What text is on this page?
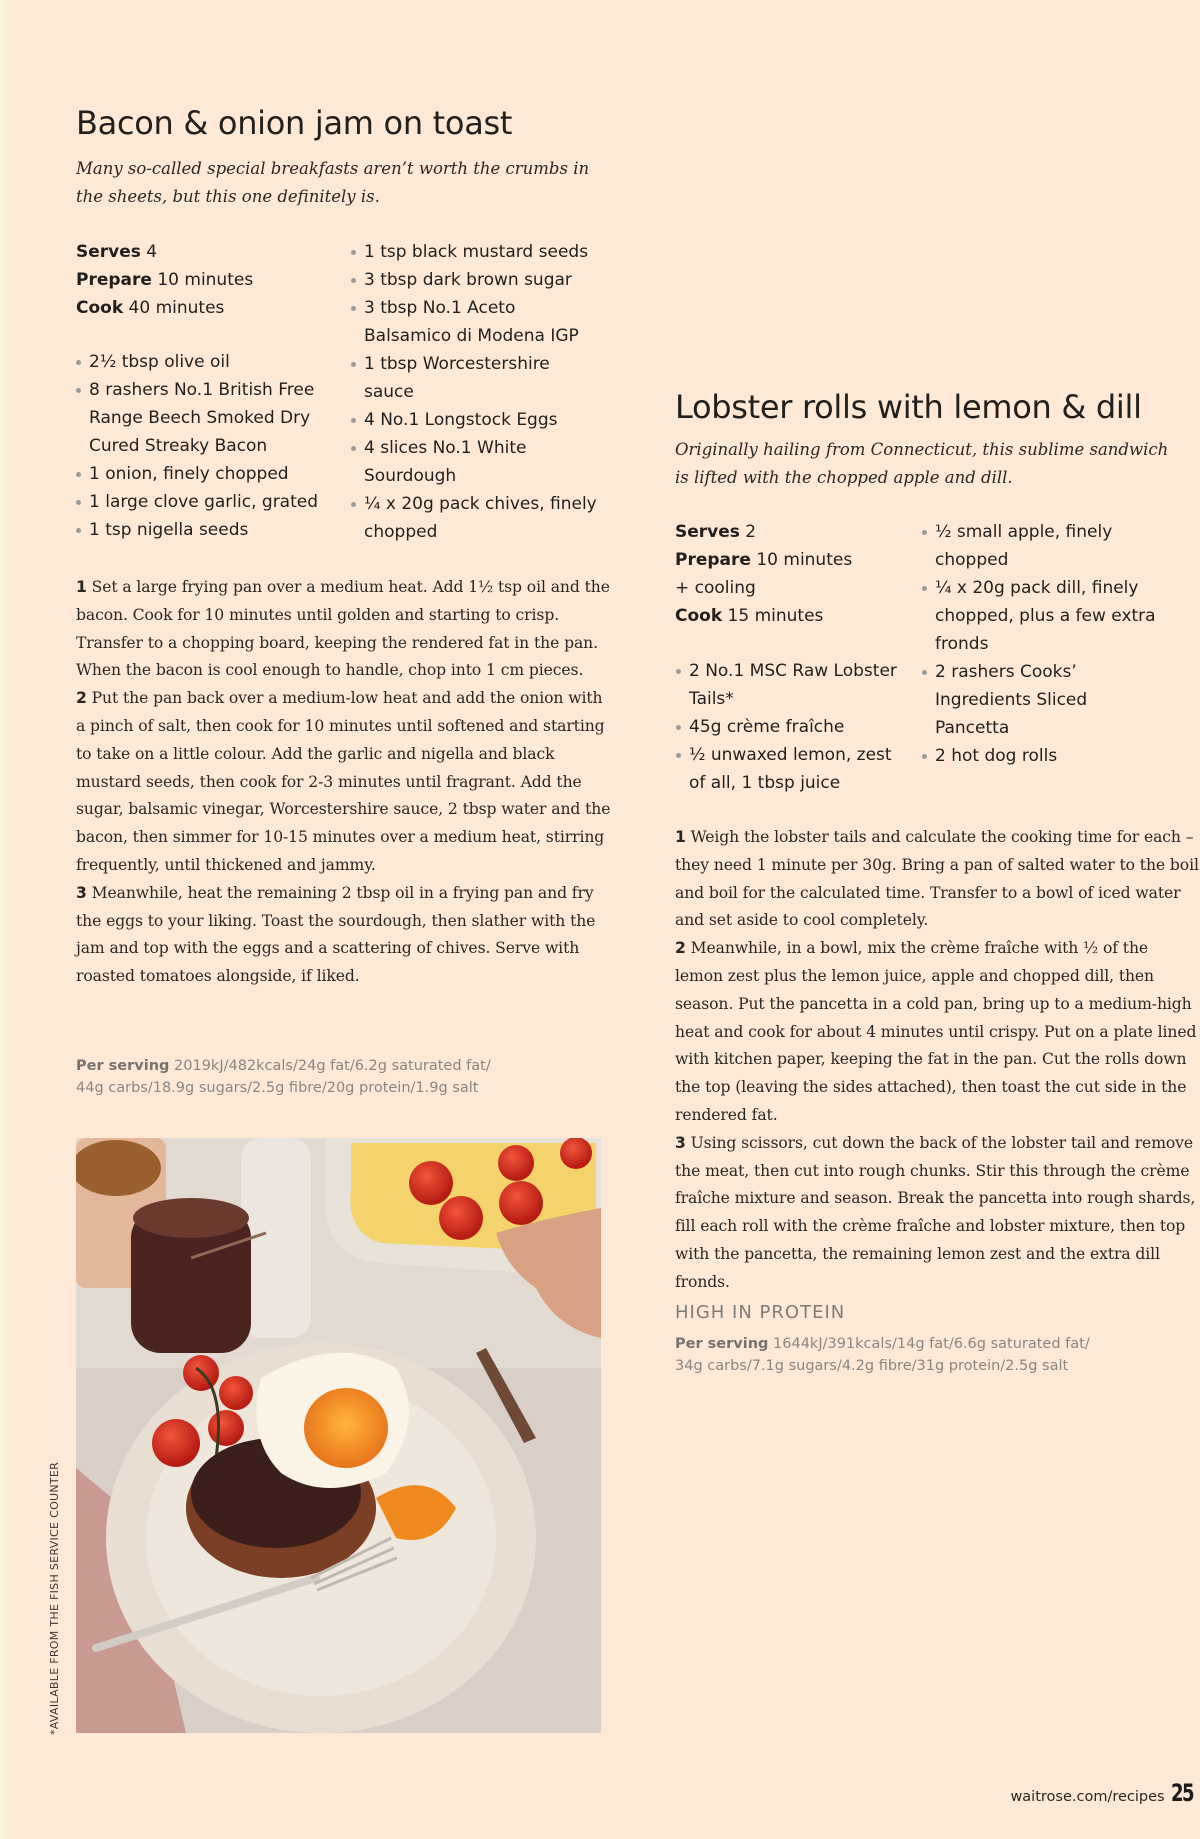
Bacon & onion jam on toast

Many so-called special breakfasts aren’t worth the crumbs in the sheets, but this one definitely is.

Serves 4
Prepare 10 minutes
Cook 40 minutes
2½ tbsp olive oil
8 rashers No.1 British Free Range Beech Smoked Dry Cured Streaky Bacon
1 onion, finely chopped
1 large clove garlic, grated
1 tsp nigella seeds
1 tsp black mustard seeds
3 tbsp dark brown sugar
3 tbsp No.1 Aceto Balsamico di Modena IGP
1 tbsp Worcestershire sauce
4 No.1 Longstock Eggs
4 slices No.1 White Sourdough
¼ x 20g pack chives, finely chopped

1 Set a large frying pan over a medium heat. Add 1½ tsp oil and the bacon. Cook for 10 minutes until golden and starting to crisp. Transfer to a chopping board, keeping the rendered fat in the pan. When the bacon is cool enough to handle, chop into 1 cm pieces.

2 Put the pan back over a medium-low heat and add the onion with a pinch of salt, then cook for 10 minutes until softened and starting to take on a little colour. Add the garlic and nigella and black mustard seeds, then cook for 2-3 minutes until fragrant. Add the sugar, balsamic vinegar, Worcestershire sauce, 2 tbsp water and the bacon, then simmer for 10-15 minutes over a medium heat, stirring frequently, until thickened and jammy.

3 Meanwhile, heat the remaining 2 tbsp oil in a frying pan and fry the eggs to your liking. Toast the sourdough, then slather with the jam and top with the eggs and a scattering of chives. Serve with roasted tomatoes alongside, if liked.

Per serving 2019kJ/482kcals/24g fat/6.2g saturated fat/
44g carbs/18.9g sugars/2.5g fibre/20g protein/1.9g salt
*AVAILABLE FROM THE FISH SERVICE COUNTER
Lobster rolls with lemon & dill

Originally hailing from Connecticut, this sublime sandwich is lifted with the chopped apple and dill.

Serves 2
Prepare 10 minutes
+ cooling
Cook 15 minutes
2 No.1 MSC Raw Lobster Tails*
45g crème fraîche
½ unwaxed lemon, zest of all, 1 tbsp juice
½ small apple, finely chopped
¼ x 20g pack dill, finely chopped, plus a few extra fronds
2 rashers Cooks’ Ingredients Sliced Pancetta
2 hot dog rolls

1 Weigh the lobster tails and calculate the cooking time for each – they need 1 minute per 30g. Bring a pan of salted water to the boil and boil for the calculated time. Transfer to a bowl of iced water and set aside to cool completely.

2 Meanwhile, in a bowl, mix the crème fraîche with ½ of the lemon zest plus the lemon juice, apple and chopped dill, then season. Put the pancetta in a cold pan, bring up to a medium-high heat and cook for about 4 minutes until crispy. Put on a plate lined with kitchen paper, keeping the fat in the pan. Cut the rolls down the top (leaving the sides attached), then toast the cut side in the rendered fat.

3 Using scissors, cut down the back of the lobster tail and remove the meat, then cut into rough chunks. Stir this through the crème fraîche mixture and season. Break the pancetta into rough shards, fill each roll with the crème fraîche and lobster mixture, then top with the pancetta, the remaining lemon zest and the extra dill fronds.

HIGH IN PROTEIN
Per serving 1644kJ/391kcals/14g fat/6.6g saturated fat/
34g carbs/7.1g sugars/4.2g fibre/31g protein/2.5g salt
waitrose.com/recipes 25
